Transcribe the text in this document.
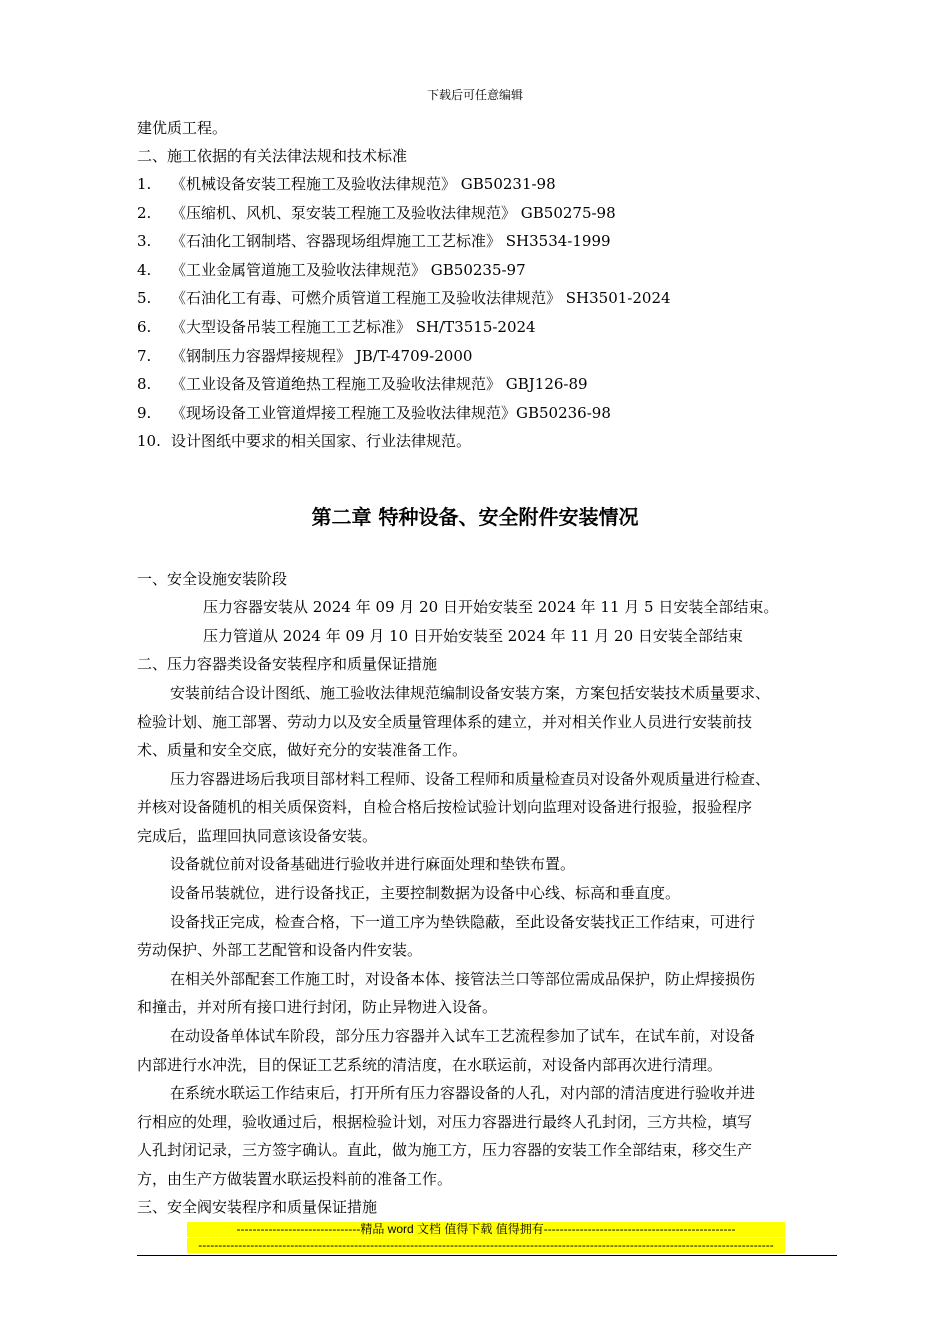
下载后可任意编辑
建优质工程。
二、施工依据的有关法律法规和技术标准
1. 《机械设备安装工程施工及验收法律规范》 GB50231-98
2. 《压缩机、风机、泵安装工程施工及验收法律规范》 GB50275-98
3. 《石油化工钢制塔、容器现场组焊施工工艺标准》 SH3534-1999
4. 《工业金属管道施工及验收法律规范》 GB50235-97
5. 《石油化工有毒、可燃介质管道工程施工及验收法律规范》 SH3501-2024
6. 《大型设备吊装工程施工工艺标准》 SH/T3515-2024
7. 《钢制压力容器焊接规程》 JB/T-4709-2000
8. 《工业设备及管道绝热工程施工及验收法律规范》 GBJ126-89
9. 《现场设备工业管道焊接工程施工及验收法律规范》GB50236-98
10. 设计图纸中要求的相关国家、行业法律规范。
第二章 特种设备、安全附件安装情况
一、安全设施安装阶段
压力容器安装从 2024 年 09 月 20 日开始安装至 2024 年 11 月 5 日安装全部结束。
压力管道从 2024 年 09 月 10 日开始安装至 2024 年 11 月 20 日安装全部结束
二、压力容器类设备安装程序和质量保证措施
安装前结合设计图纸、施工验收法律规范编制设备安装方案，方案包括安装技术质量要求、
检验计划、施工部署、劳动力以及安全质量管理体系的建立，并对相关作业人员进行安装前技
术、质量和安全交底，做好充分的安装准备工作。
压力容器进场后我项目部材料工程师、设备工程师和质量检查员对设备外观质量进行检查、
并核对设备随机的相关质保资料，自检合格后按检试验计划向监理对设备进行报验，报验程序
完成后，监理回执同意该设备安装。
设备就位前对设备基础进行验收并进行麻面处理和垫铁布置。
设备吊装就位，进行设备找正，主要控制数据为设备中心线、标高和垂直度。
设备找正完成，检查合格，下一道工序为垫铁隐蔽，至此设备安装找正工作结束，可进行
劳动保护、外部工艺配管和设备内件安装。
在相关外部配套工作施工时，对设备本体、接管法兰口等部位需成品保护，防止焊接损伤
和撞击，并对所有接口进行封闭，防止异物进入设备。
在动设备单体试车阶段，部分压力容器并入试车工艺流程参加了试车，在试车前，对设备
内部进行水冲洗，目的保证工艺系统的清洁度，在水联运前，对设备内部再次进行清理。
在系统水联运工作结束后，打开所有压力容器设备的人孔，对内部的清洁度进行验收并进
行相应的处理，验收通过后，根据检验计划，对压力容器进行最终人孔封闭，三方共检，填写
人孔封闭记录，三方签字确认。直此，做为施工方，压力容器的安装工作全部结束，移交生产
方，由生产方做装置水联运投料前的准备工作。
三、安全阀安装程序和质量保证措施
-------------------------------精品 word 文档 值得下载 值得拥有------------------------------------------------
------------------------------------------------------------------------------------------------------------------------------------------------
